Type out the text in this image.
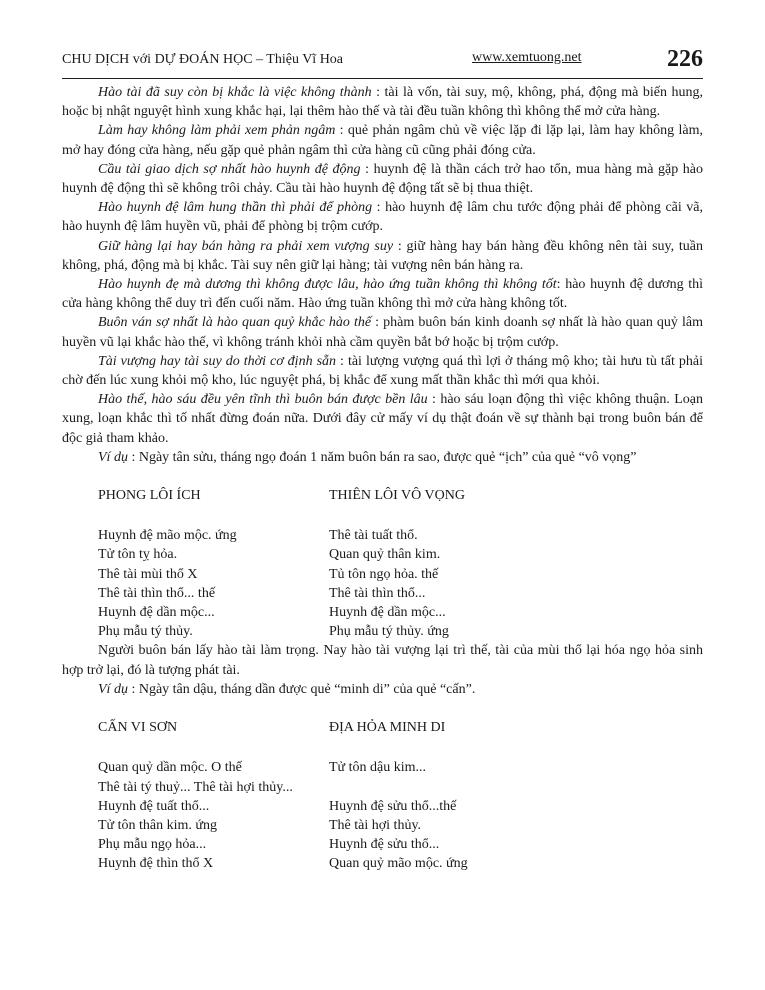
CHU DỊCH với DỰ ĐOÁN HỌC – Thiệu Vĩ Hoa	www.xemtuong.net	226

Hào tài đã suy còn bị khắc là việc không thành : tài là vốn, tài suy, mộ, không, phá, động mà biến hung, hoặc bị nhật nguyệt hình xung khắc hại, lại thêm hào thế và tài đều tuần không thì không thể mở cửa hàng.

Làm hay không làm phải xem phản ngâm : quẻ phản ngâm chủ về việc lặp đi lặp lại, làm hay không làm, mở hay đóng cửa hàng, nếu gặp quẻ phản ngâm thì cửa hàng cũ cũng phải đóng cửa.

Cầu tài giao dịch sợ nhất hào huynh đệ động : huynh đệ là thần cách trở hao tổn, mua hàng mà gặp hào huynh đệ động thì sẽ không trôi chảy. Cầu tài hào huynh đệ động tất sẽ bị thua thiệt.

Hào huynh đệ lâm hung thần thì phải để phòng : hào huynh đệ lâm chu tước động phải để phòng cãi vã, hào huynh đệ lâm huyền vũ, phải để phòng bị trộm cướp.

Giữ hàng lại hay bán hàng ra phải xem vượng suy : giữ hàng hay bán hàng đều không nên tài suy, tuần không, phá, động mà bị khắc. Tài suy nên giữ lại hàng; tài vượng nên bán hàng ra.

Hào huynh đẹ mà dương thì không được lâu, hào ứng tuần không thì không tốt: hào huynh đệ dương thì cửa hàng không thể duy trì đến cuối năm. Hào ứng tuần không thì mở cửa hàng không tốt.

Buôn ván sợ nhất là hào quan quỷ khắc hào thế : phàm buôn bán kinh doanh sợ nhất là hào quan quỷ lâm huyền vũ lại khắc hào thế, vì không tránh khỏi nhà cầm quyền bắt bớ hoặc bị trộm cướp.

Tài vượng hay tài suy do thời cơ định sẵn : tài lượng vượng quá thì lợi ở tháng mộ kho; tài hưu tù tất phải chờ đến lúc xung khỏi mộ kho, lúc nguyệt phá, bị khắc để xung mất thần khắc thì mới qua khỏi.

Hào thế, hào sáu đều yên tĩnh thì buôn bán được bền lâu : hào sáu loạn động thì việc không thuận. Loạn xung, loạn khắc thì tố nhất đừng đoán nữa. Dưới đây cử mấy ví dụ thật đoán về sự thành bại trong buôn bán để độc giả tham khảo.

Ví dụ : Ngày tân sửu, tháng ngọ đoán 1 năm buôn bán ra sao, được quẻ “ịch” của quẻ “vô vọng”

PHONG LÔI ÍCH	THIÊN LÔI VÔ VỌNG
Huynh đệ mão mộc. ứng	Thê tài tuất thổ.
Tử tôn tỵ hỏa.	Quan quỷ thân kim.
Thê tài mùi thổ X	Tủ tôn ngọ hỏa. thế
Thê tài thìn thổ... thế	Thê tài thìn thổ...
Huynh đệ dần mộc...	Huynh đệ dần mộc...
Phụ mẫu tý thủy.	Phụ mẫu tý thủy. ứng

Người buôn bán lấy hào tài làm trọng. Nay hào tài vượng lại trì thế, tài của mùi thổ lại hóa ngọ hỏa sinh hợp trở lại, đó là tượng phát tài.

Ví dụ : Ngày tân dậu, tháng dần được quẻ “minh di” của quẻ “cấn”.

CẤN VI SƠN	ĐỊA HỎA MINH DI
Quan quỷ dần mộc. O thế	Tử tôn dậu kim...
Thê tài tý thuỷ... Thê tài hợi thủy...	
Huynh đệ tuất thổ...	Huynh đệ sửu thổ...thế
Tử tôn thân kim. ứng	Thê tài hợi thủy.
Phụ mẫu ngọ hỏa...	Huynh đệ sửu thổ...
Huynh đệ thìn thổ X	Quan quỷ mão mộc. ứng
